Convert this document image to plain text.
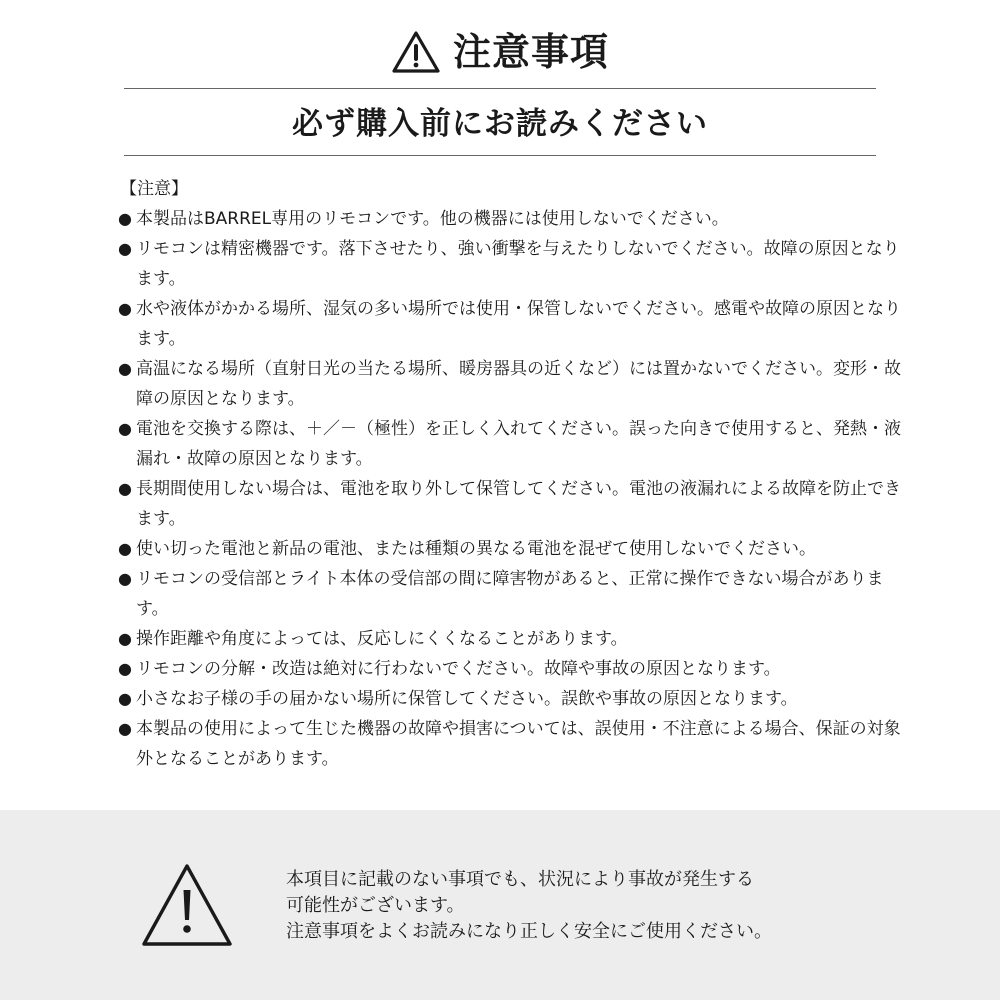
注意事項
必ず購入前にお読みください
【注意】
● 本製品はBARREL専用のリモコンです。他の機器には使用しないでください。
● リモコンは精密機器です。落下させたり、強い衝撃を与えたりしないでください。故障の原因となります。
● 水や液体がかかる場所、湿気の多い場所では使用・保管しないでください。感電や故障の原因となります。
● 高温になる場所（直射日光の当たる場所、暖房器具の近くなど）には置かないでください。変形・故障の原因となります。
● 電池を交換する際は、＋／－（極性）を正しく入れてください。誤った向きで使用すると、発熱・液漏れ・故障の原因となります。
● 長期間使用しない場合は、電池を取り外して保管してください。電池の液漏れによる故障を防止できます。
● 使い切った電池と新品の電池、または種類の異なる電池を混ぜて使用しないでください。
● リモコンの受信部とライト本体の受信部の間に障害物があると、正常に操作できない場合があります。
● 操作距離や角度によっては、反応しにくくなることがあります。
● リモコンの分解・改造は絶対に行わないでください。故障や事故の原因となります。
● 小さなお子様の手の届かない場所に保管してください。誤飲や事故の原因となります。
● 本製品の使用によって生じた機器の故障や損害については、誤使用・不注意による場合、保証の対象外となることがあります。
本項目に記載のない事項でも、状況により事故が発生する
可能性がございます。
注意事項をよくお読みになり正しく安全にご使用ください。
